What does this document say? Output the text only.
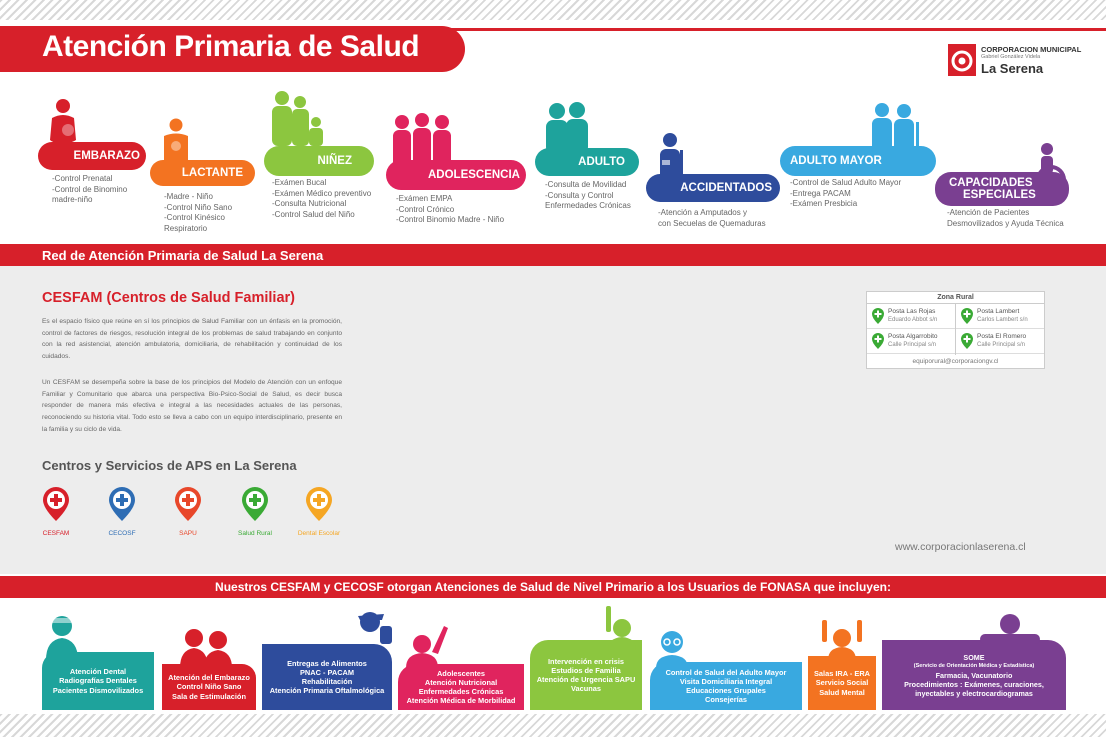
Atención Primaria de Salud	CORPORACION MUNICIPAL
Gabriel González Videla
La Serena
EMBARAZO
-Control Prenatal
-Control de Binomino
madre-niño
LACTANTE
-Madre - Niño
-Control Niño Sano
-Control Kinésico
Respiratorio
NIÑEZ
-Exámen Bucal
-Exámen Médico preventivo
-Consulta Nutricional
-Control Salud del Niño
ADOLESCENCIA
-Exámen EMPA
-Control Crónico
-Control Binomio Madre - Niño
ADULTO
-Consulta de Movilidad
-Consulta y Control
Enfermedades Crónicas
ACCIDENTADOS
-Atención a Amputados y
con Secuelas de Quemaduras
ADULTO MAYOR
-Control de Salud Adulto Mayor
-Entrega PACAM
-Exámen Presbicia
CAPACIDADES
ESPECIALES
-Atención de Pacientes
Desmovilizados y Ayuda Técnica
Red de Atención Primaria de Salud La Serena
CESFAM (Centros de Salud Familiar)
Es el espacio físico que reúne en sí los principios de Salud Familiar con un énfasis en la promoción, control de factores de riesgos, resolución integral de los problemas de salud trabajando en conjunto con la red asistencial, atención ambulatoria, domiciliaria, de rehabilitación y continuidad de los cuidados.
Un CESFAM se desempeña sobre la base de los principios del Modelo de Atención con un enfoque Familiar y Comunitario que abarca una perspectiva Bio-Psico-Social de Salud, es decir busca responder de manera más efectiva e integral a las necesidades actuales de las personas, reconociendo su historia vital. Todo esto se lleva a cabo con un equipo interdisciplinario, presente en la familia y su ciclo de vida.
Zona Rural
Posta Las Rojas
Eduardo Abbot s/n
Posta Lambert
Carlos Lambert s/n
Posta Algarrobito
Calle Principal s/n
Posta El Romero
Calle Principal s/n
equiporural@corporaciongv.cl
Centros y Servicios de APS en La Serena
CESFAM	CECOSF	SAPU	Salud Rural	Dental Escolar
www.corporacionlaserena.cl
Nuestros CESFAM y CECOSF otorgan Atenciones de Salud de Nivel Primario a los Usuarios de FONASA que incluyen:
Atención Dental
Radiografías Dentales
Pacientes Dismovilizados
Atención del Embarazo
Control Niño Sano
Sala de Estimulación
Entregas de Alimentos
PNAC - PACAM
Rehabilitación
Atención Primaria Oftalmológica
Adolescentes
Atención Nutricional
Enfermedades Crónicas
Atención Médica de Morbilidad
Intervención en crisis
Estudios de Familia
Atención de Urgencia SAPU
Vacunas
Control de Salud del Adulto Mayor
Visita Domiciliaria Integral
Educaciones Grupales
Consejerías
Salas IRA - ERA
Servicio Social
Salud Mental
SOME
(Servicio de Orientación Médica y Estadística)
Farmacia, Vacunatorio
Procedimientos : Exámenes, curaciones,
inyectables y electrocardiogramas
